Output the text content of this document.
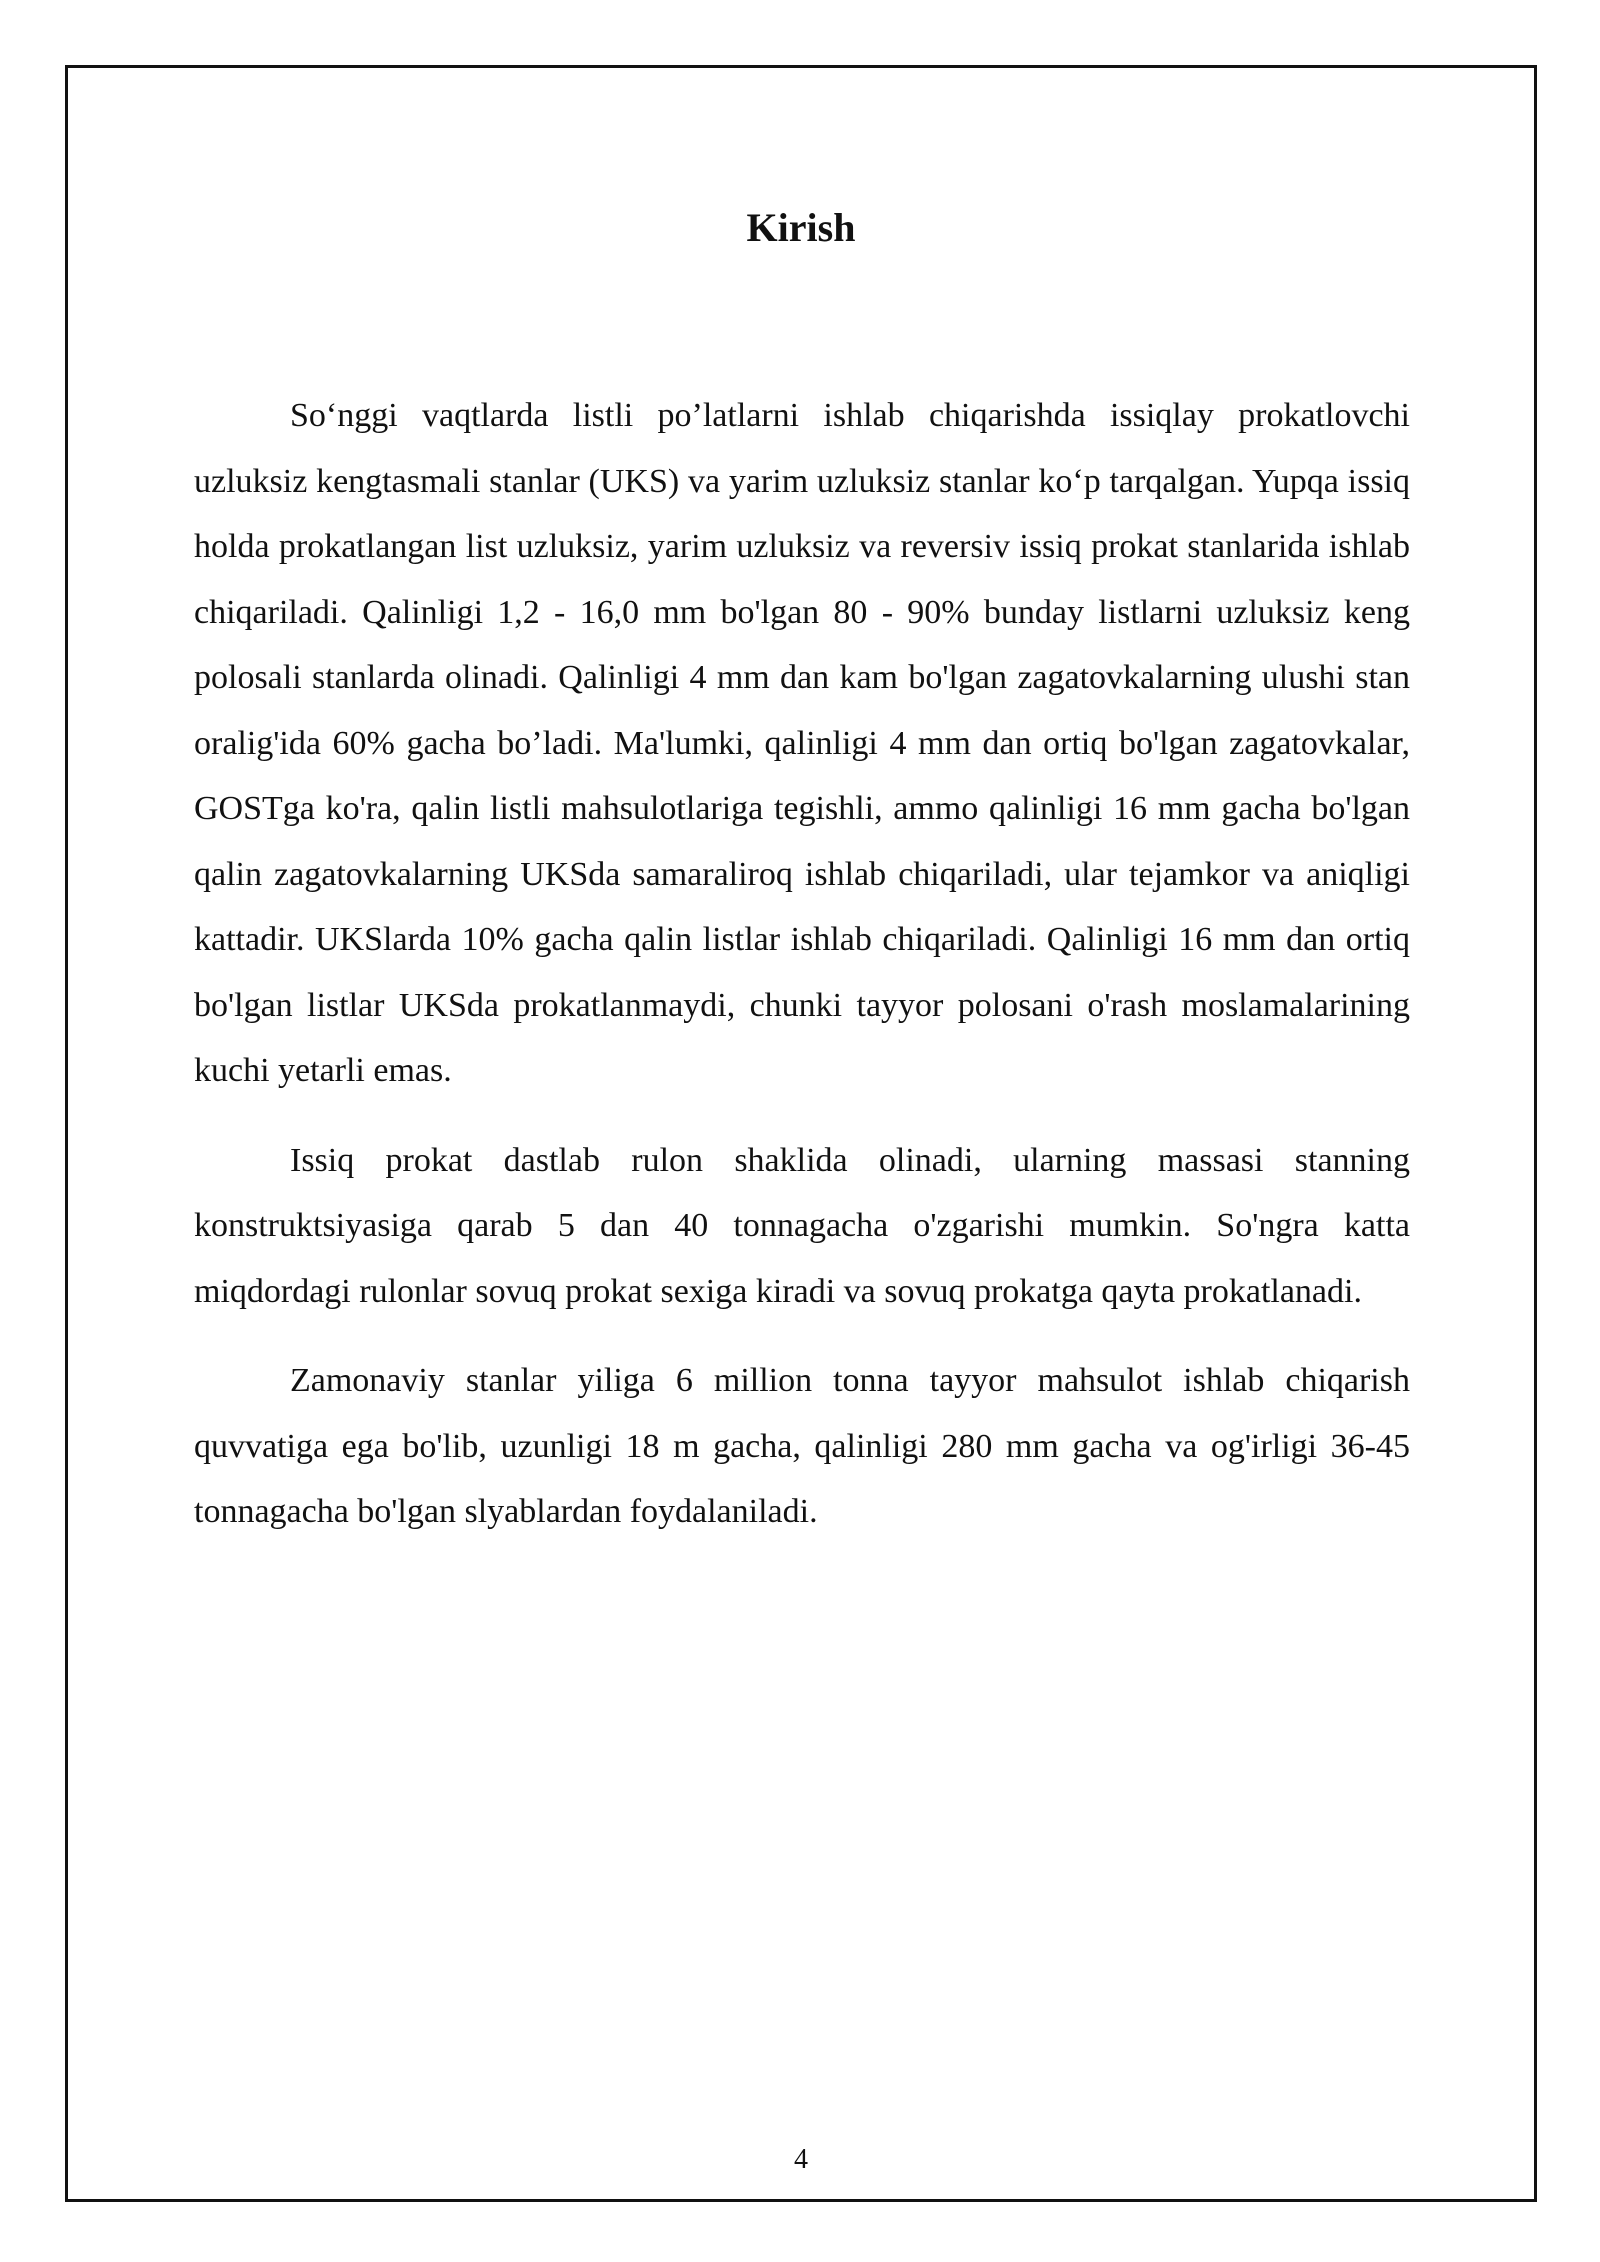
Kirish

So‘nggi vaqtlarda listli po’latlarni ishlab chiqarishda issiqlay prokatlovchi uzluksiz kengtasmali stanlar (UKS) va yarim uzluksiz stanlar ko‘p tarqalgan. Yupqa issiq holda prokatlangan list uzluksiz, yarim uzluksiz va reversiv issiq prokat stanlarida ishlab chiqariladi. Qalinligi 1,2 - 16,0 mm bo'lgan 80 - 90% bunday listlarni uzluksiz keng polosali stanlarda olinadi. Qalinligi 4 mm dan kam bo'lgan zagatovkalarning ulushi stan oralig'ida 60% gacha bo’ladi. Ma'lumki, qalinligi 4 mm dan ortiq bo'lgan zagatovkalar, GOSTga ko'ra, qalin listli mahsulotlariga tegishli, ammo qalinligi 16 mm gacha bo'lgan qalin zagatovkalarning UKSda samaraliroq ishlab chiqariladi, ular tejamkor va aniqligi kattadir. UKSlarda 10% gacha qalin listlar ishlab chiqariladi. Qalinligi 16 mm dan ortiq bo'lgan listlar UKSda prokatlanmaydi, chunki tayyor polosani o'rash moslamalarining kuchi yetarli emas.

Issiq prokat dastlab rulon shaklida olinadi, ularning massasi stanning konstruktsiyasiga qarab 5 dan 40 tonnagacha o'zgarishi mumkin. So'ngra katta miqdordagi rulonlar sovuq prokat sexiga kiradi va sovuq prokatga qayta prokatlanadi.

Zamonaviy stanlar yiliga 6 million tonna tayyor mahsulot ishlab chiqarish quvvatiga ega bo'lib, uzunligi 18 m gacha, qalinligi 280 mm gacha va og'irligi 36-45 tonnagacha bo'lgan slyablardan foydalaniladi.

4
